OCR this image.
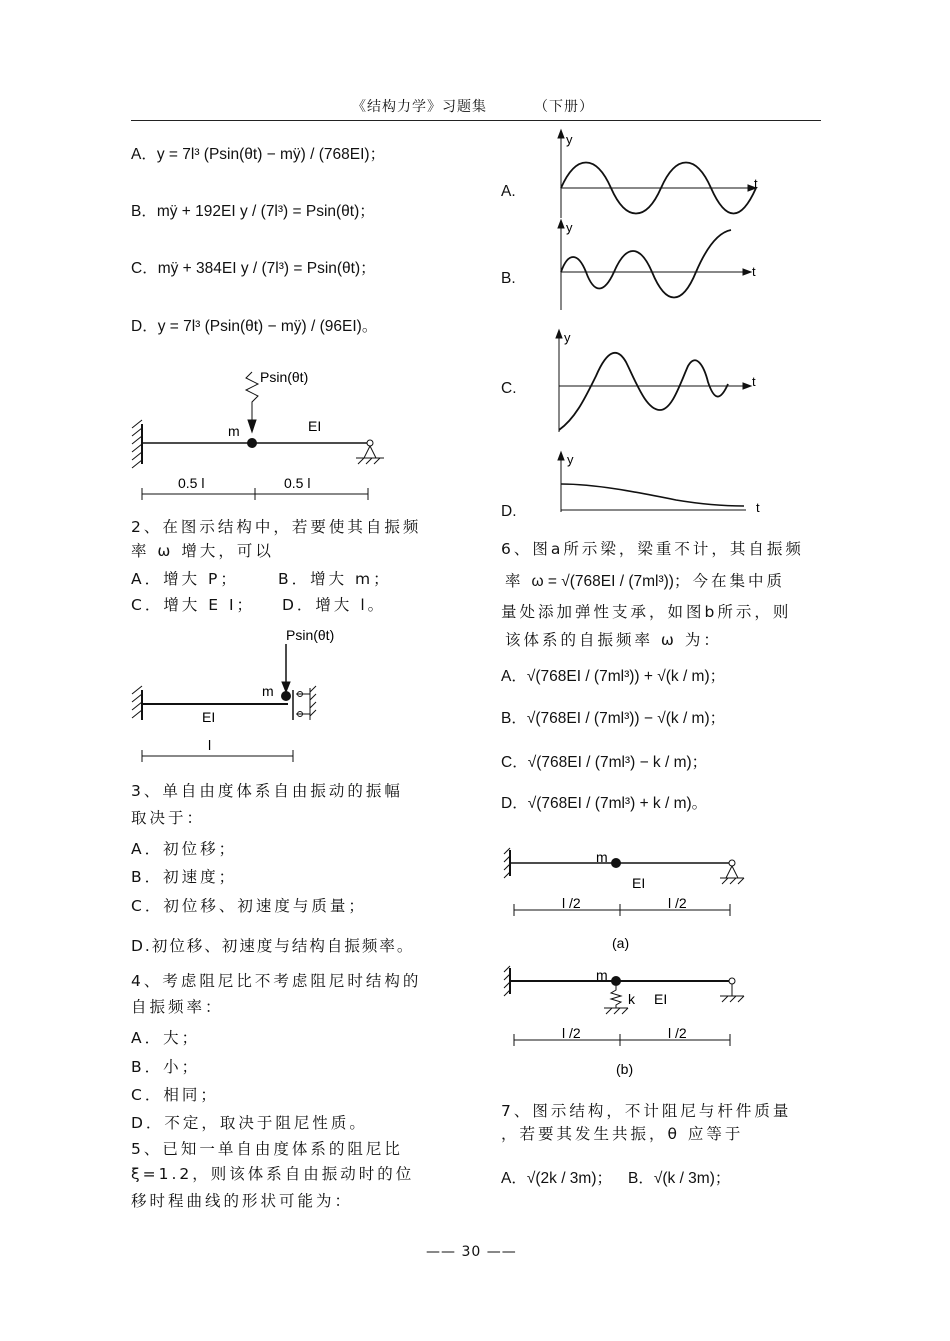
《结构力学》习题集	（下册）
A．y = 7l³ (Psin(θt) − mÿ) / (768EI)；
B．mÿ + 192EI y / (7l³) = Psin(θt)；
C．mÿ + 384EI y / (7l³) = Psin(θt)；
D．y = 7l³ (Psin(θt) − mÿ) / (96EI)。
Psin(θt)
m	EI
0.5 l	0.5 l
2、在图示结构中，若要使其自振频
率 ω 增大，可以
A．增大 P；	B．增大 m；
C．增大 E I； D．增大 l。
Psin(θt)
m
EI
l
3、单自由度体系自由振动的振幅
取决于：
A．初位移；
B．初速度；
C．初位移、初速度与质量；
D.初位移、初速度与结构自振频率。
4、考虑阻尼比不考虑阻尼时结构的
自振频率：
A．大；
B．小；
C．相同；
D．不定，取决于阻尼性质。
5、已知一单自由度体系的阻尼比
ξ=1.2，则该体系自由振动时的位
移时程曲线的形状可能为：
A.
B.
C.
D.
y
t
y
t
y
t
y
t
6、图a所示梁，梁重不计，其自振频
率 ω = √(768EI / (7ml³))；今在集中质
量处添加弹性支承，如图b所示，则
该体系的自振频率 ω 为：
A．√(768EI / (7ml³)) + √(k / m)；
B．√(768EI / (7ml³)) − √(k / m)；
C．√(768EI / (7ml³) − k / m)；
D．√(768EI / (7ml³) + k / m)。
m
EI
l /2	l /2
(a)
m
k EI
l /2	l /2
(b)
7、图示结构，不计阻尼与杆件质量
，若要其发生共振，θ 应等于
A．√(2k / 3m)； B．√(k / 3m)；
—— 30 ——
